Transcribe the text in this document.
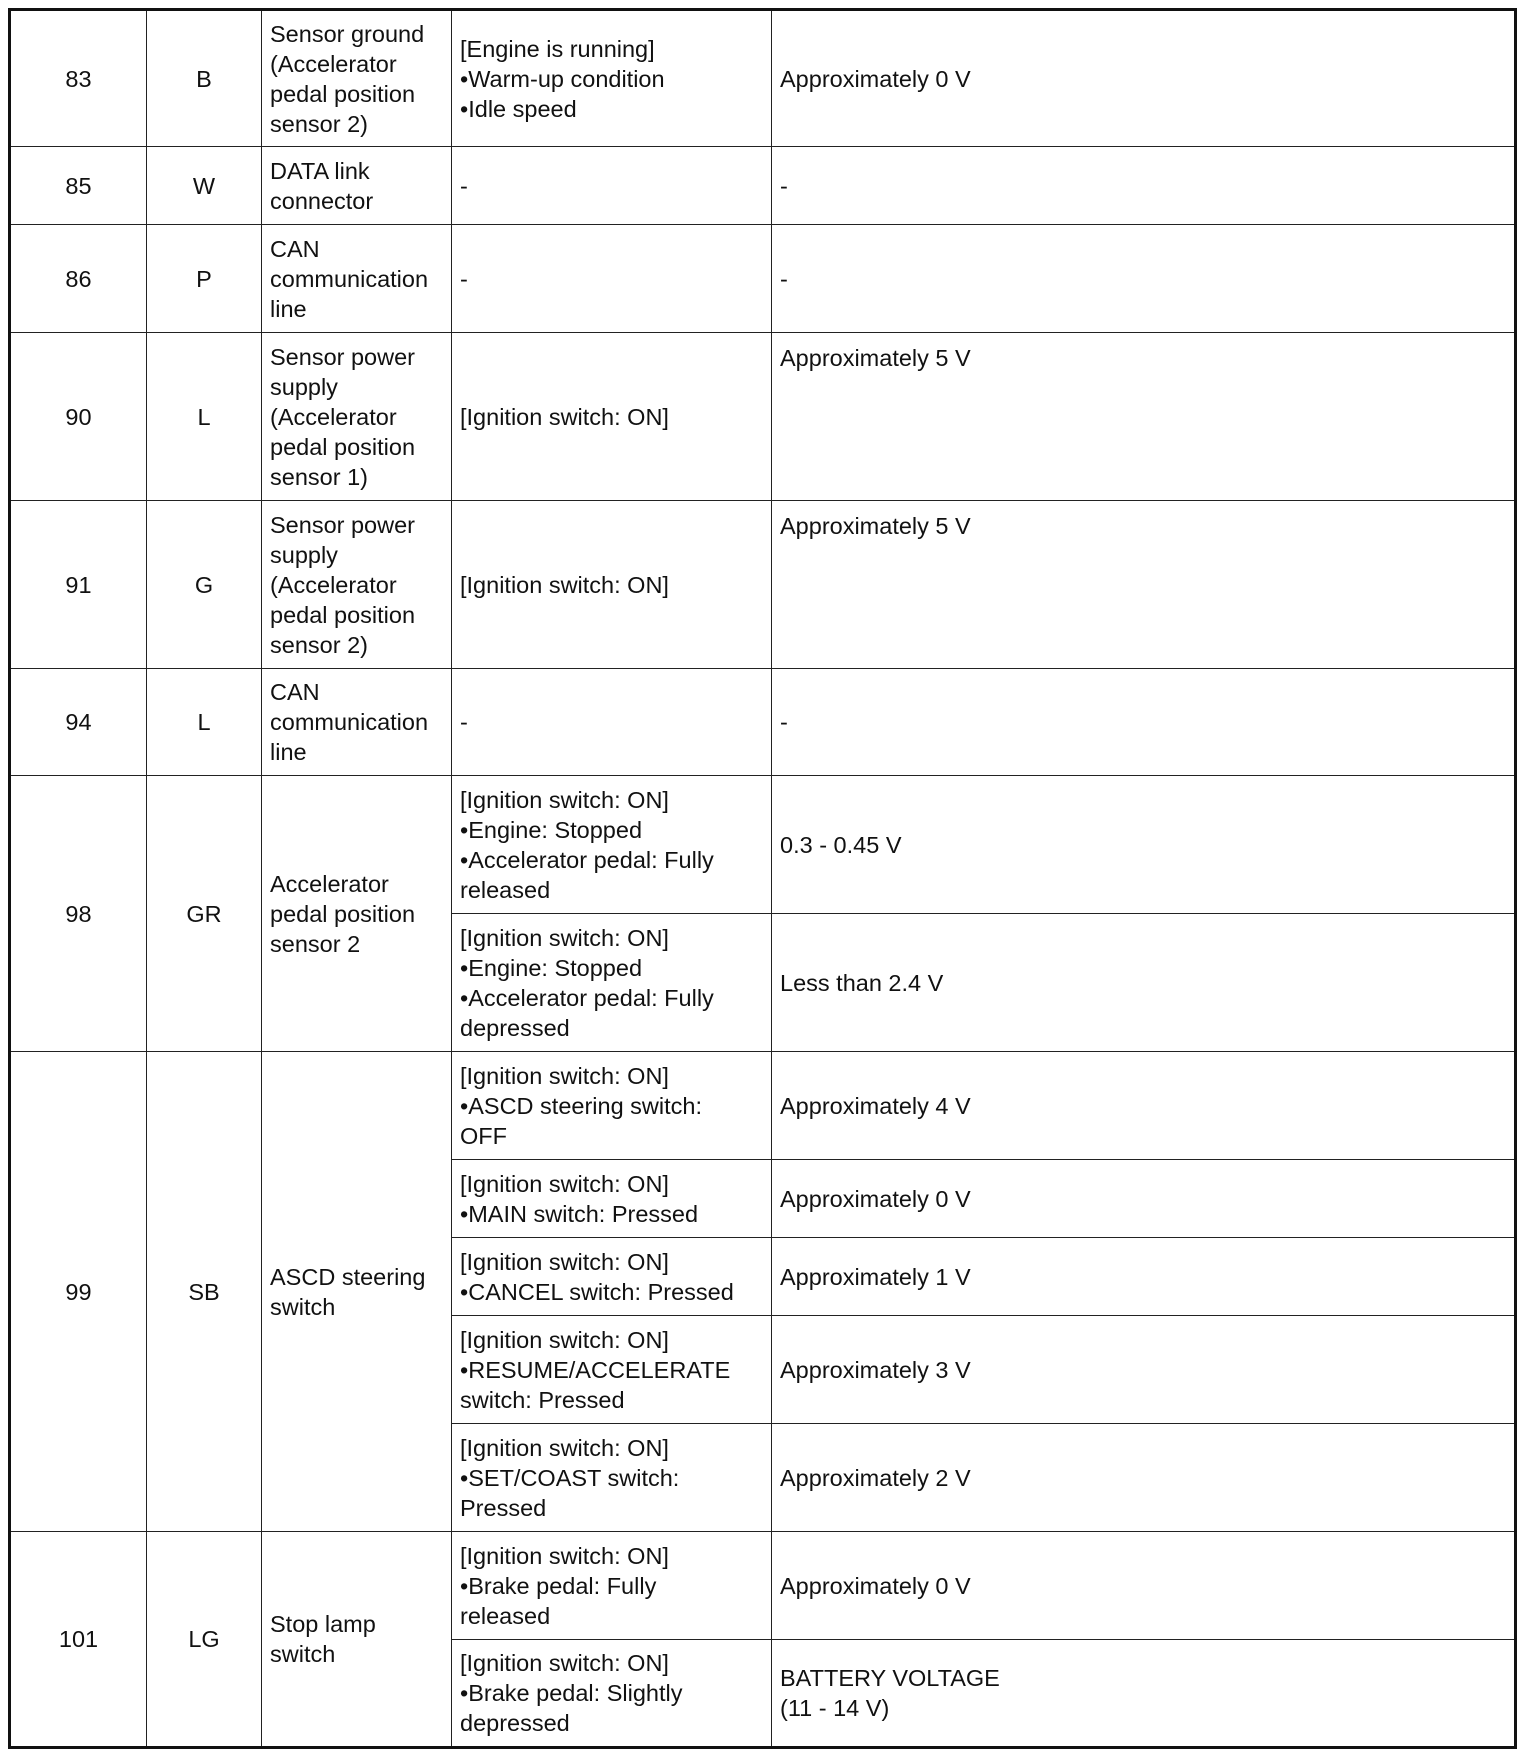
83	B	Sensor ground
(Accelerator
pedal position
sensor 2)	[Engine is running]
•Warm-up condition
•Idle speed	Approximately 0 V
85	W	DATA link
connector	-	-
86	P	CAN
communication
line	-	-
90	L	Sensor power
supply
(Accelerator
pedal position
sensor 1)	[Ignition switch: ON]	Approximately 5 V
91	G	Sensor power
supply
(Accelerator
pedal position
sensor 2)	[Ignition switch: ON]	Approximately 5 V
94	L	CAN
communication
line	-	-
98	GR	Accelerator
pedal position
sensor 2	[Ignition switch: ON]
•Engine: Stopped
•Accelerator pedal: Fully
released	0.3 - 0.45 V
			[Ignition switch: ON]
•Engine: Stopped
•Accelerator pedal: Fully
depressed	Less than 2.4 V
99	SB	ASCD steering
switch	[Ignition switch: ON]
•ASCD steering switch:
OFF	Approximately 4 V
			[Ignition switch: ON]
•MAIN switch: Pressed	Approximately 0 V
			[Ignition switch: ON]
•CANCEL switch: Pressed	Approximately 1 V
			[Ignition switch: ON]
•RESUME/ACCELERATE
switch: Pressed	Approximately 3 V
			[Ignition switch: ON]
•SET/COAST switch:
Pressed	Approximately 2 V
101	LG	Stop lamp
switch	[Ignition switch: ON]
•Brake pedal: Fully
released	Approximately 0 V
			[Ignition switch: ON]
•Brake pedal: Slightly
depressed	BATTERY VOLTAGE
(11 - 14 V)
